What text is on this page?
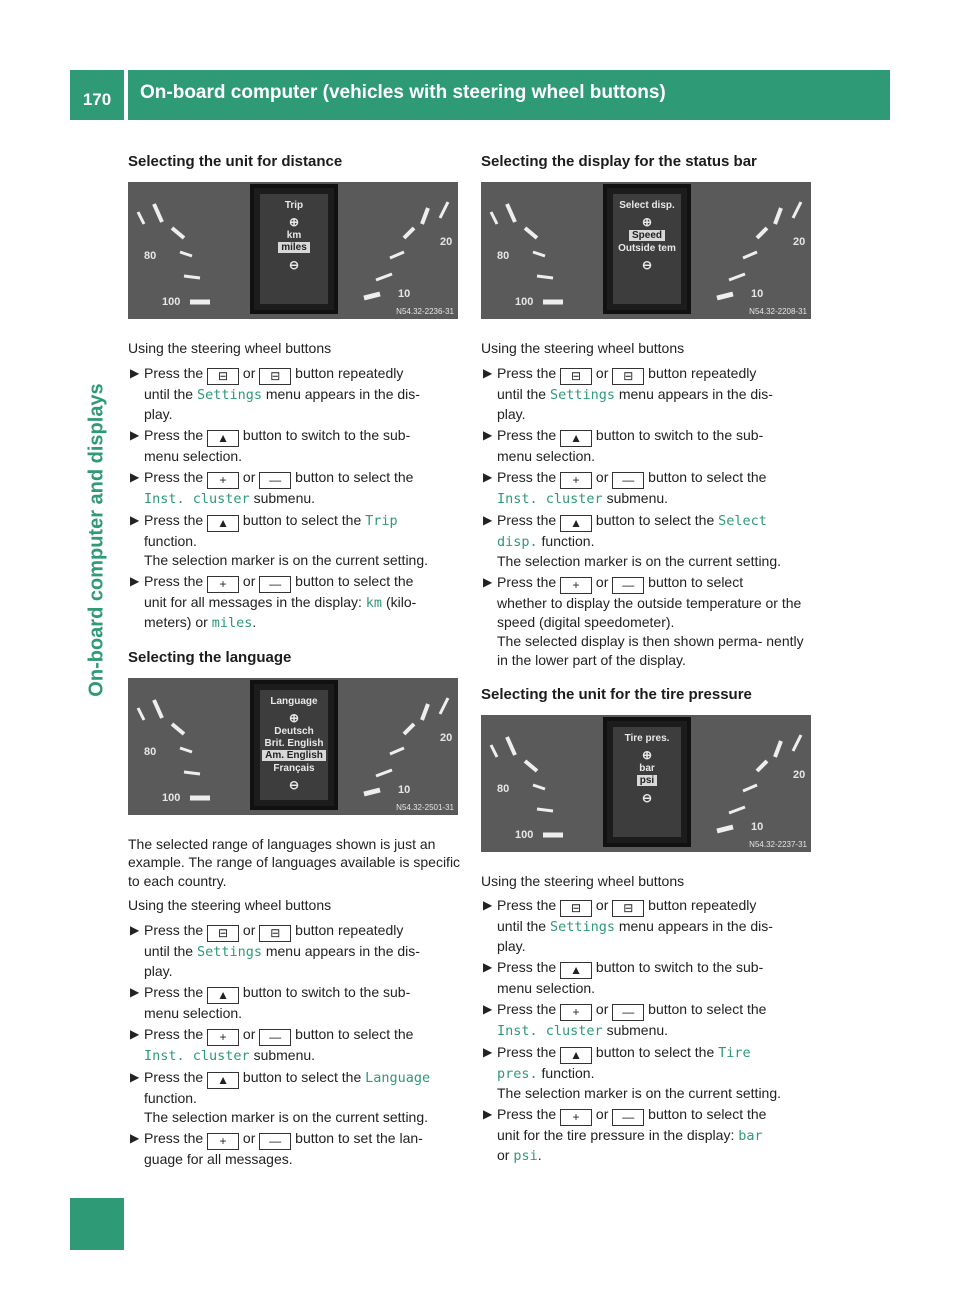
170	On-board computer (vehicles with steering wheel buttons)
On-board computer and displays
Selecting the unit for distance
Trip
⊕
km
miles
⊖
N54.32-2236-31
80
100
10
20

Using the steering wheel buttons

▶ Press the ⊟ or ⊟ button repeatedly
until the Settings menu appears in the dis-
play.
▶ Press the ▲ button to switch to the sub-
menu selection.
▶ Press the + or — button to select the
Inst. cluster submenu.
▶ Press the ▲ button to select the Trip
function.
The selection marker is on the current setting.
▶ Press the + or — button to select the
unit for all messages in the display: km (kilo-
meters) or miles.
Selecting the language
Language
⊕
Deutsch
Brit. English
Am. English
Français
⊖
N54.32-2501-31
80
100
10
20

The selected range of languages shown is just an example. The range of languages available is specific to each country.

Using the steering wheel buttons

▶ Press the ⊟ or ⊟ button repeatedly
until the Settings menu appears in the dis-
play.
▶ Press the ▲ button to switch to the sub-
menu selection.
▶ Press the + or — button to select the
Inst. cluster submenu.
▶ Press the ▲ button to select the Language
function.
The selection marker is on the current setting.
▶ Press the + or — button to set the lan-
guage for all messages.
Selecting the display for the status bar
Select disp.
⊕
Speed
Outside tem
⊖
N54.32-2208-31
80
100
10
20

Using the steering wheel buttons

▶ Press the ⊟ or ⊟ button repeatedly
until the Settings menu appears in the dis-
play.
▶ Press the ▲ button to switch to the sub-
menu selection.
▶ Press the + or — button to select the
Inst. cluster submenu.
▶ Press the ▲ button to select the Select
disp. function.
The selection marker is on the current setting.
▶ Press the + or — button to select
whether to display the outside temperature or the speed (digital speedometer).
The selected display is then shown perma- nently in the lower part of the display.
Selecting the unit for the tire pressure
Tire pres.
⊕
bar
psi
⊖
N54.32-2237-31
80
100
10
20

Using the steering wheel buttons

▶ Press the ⊟ or ⊟ button repeatedly
until the Settings menu appears in the dis-
play.
▶ Press the ▲ button to switch to the sub-
menu selection.
▶ Press the + or — button to select the
Inst. cluster submenu.
▶ Press the ▲ button to select the Tire
pres. function.
The selection marker is on the current setting.
▶ Press the + or — button to select the
unit for the tire pressure in the display: bar
or psi.
